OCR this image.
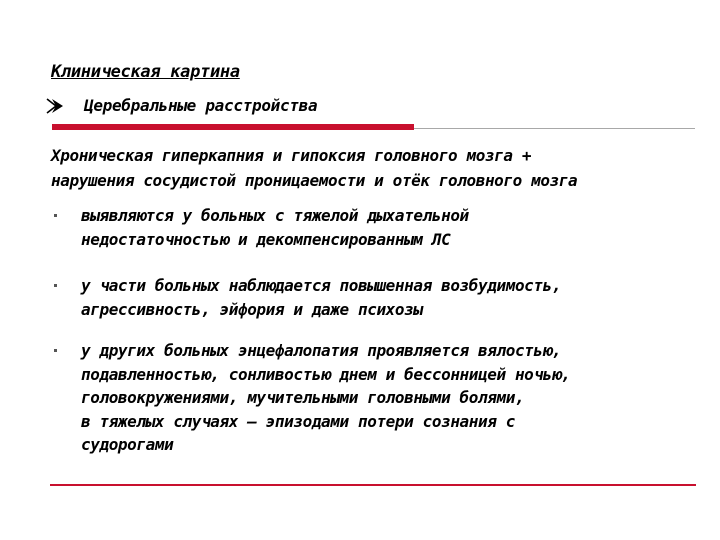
Клиническая картина
Церебральные расстройства
Хроническая гиперкапния и гипоксия головного мозга +
нарушения сосудистой проницаемости и отёк головного мозга
выявляются у больных с тяжелой дыхательной
недостаточностью и декомпенсированным ЛС
у части больных наблюдается повышенная возбудимость,
агрессивность, эйфория и даже психозы
у других больных энцефалопатия проявляется вялостью,
подавленностью, сонливостью днем и бессонницей ночью,
головокружениями, мучительными головными болями,
в тяжелых случаях – эпизодами потери сознания с
судорогами
